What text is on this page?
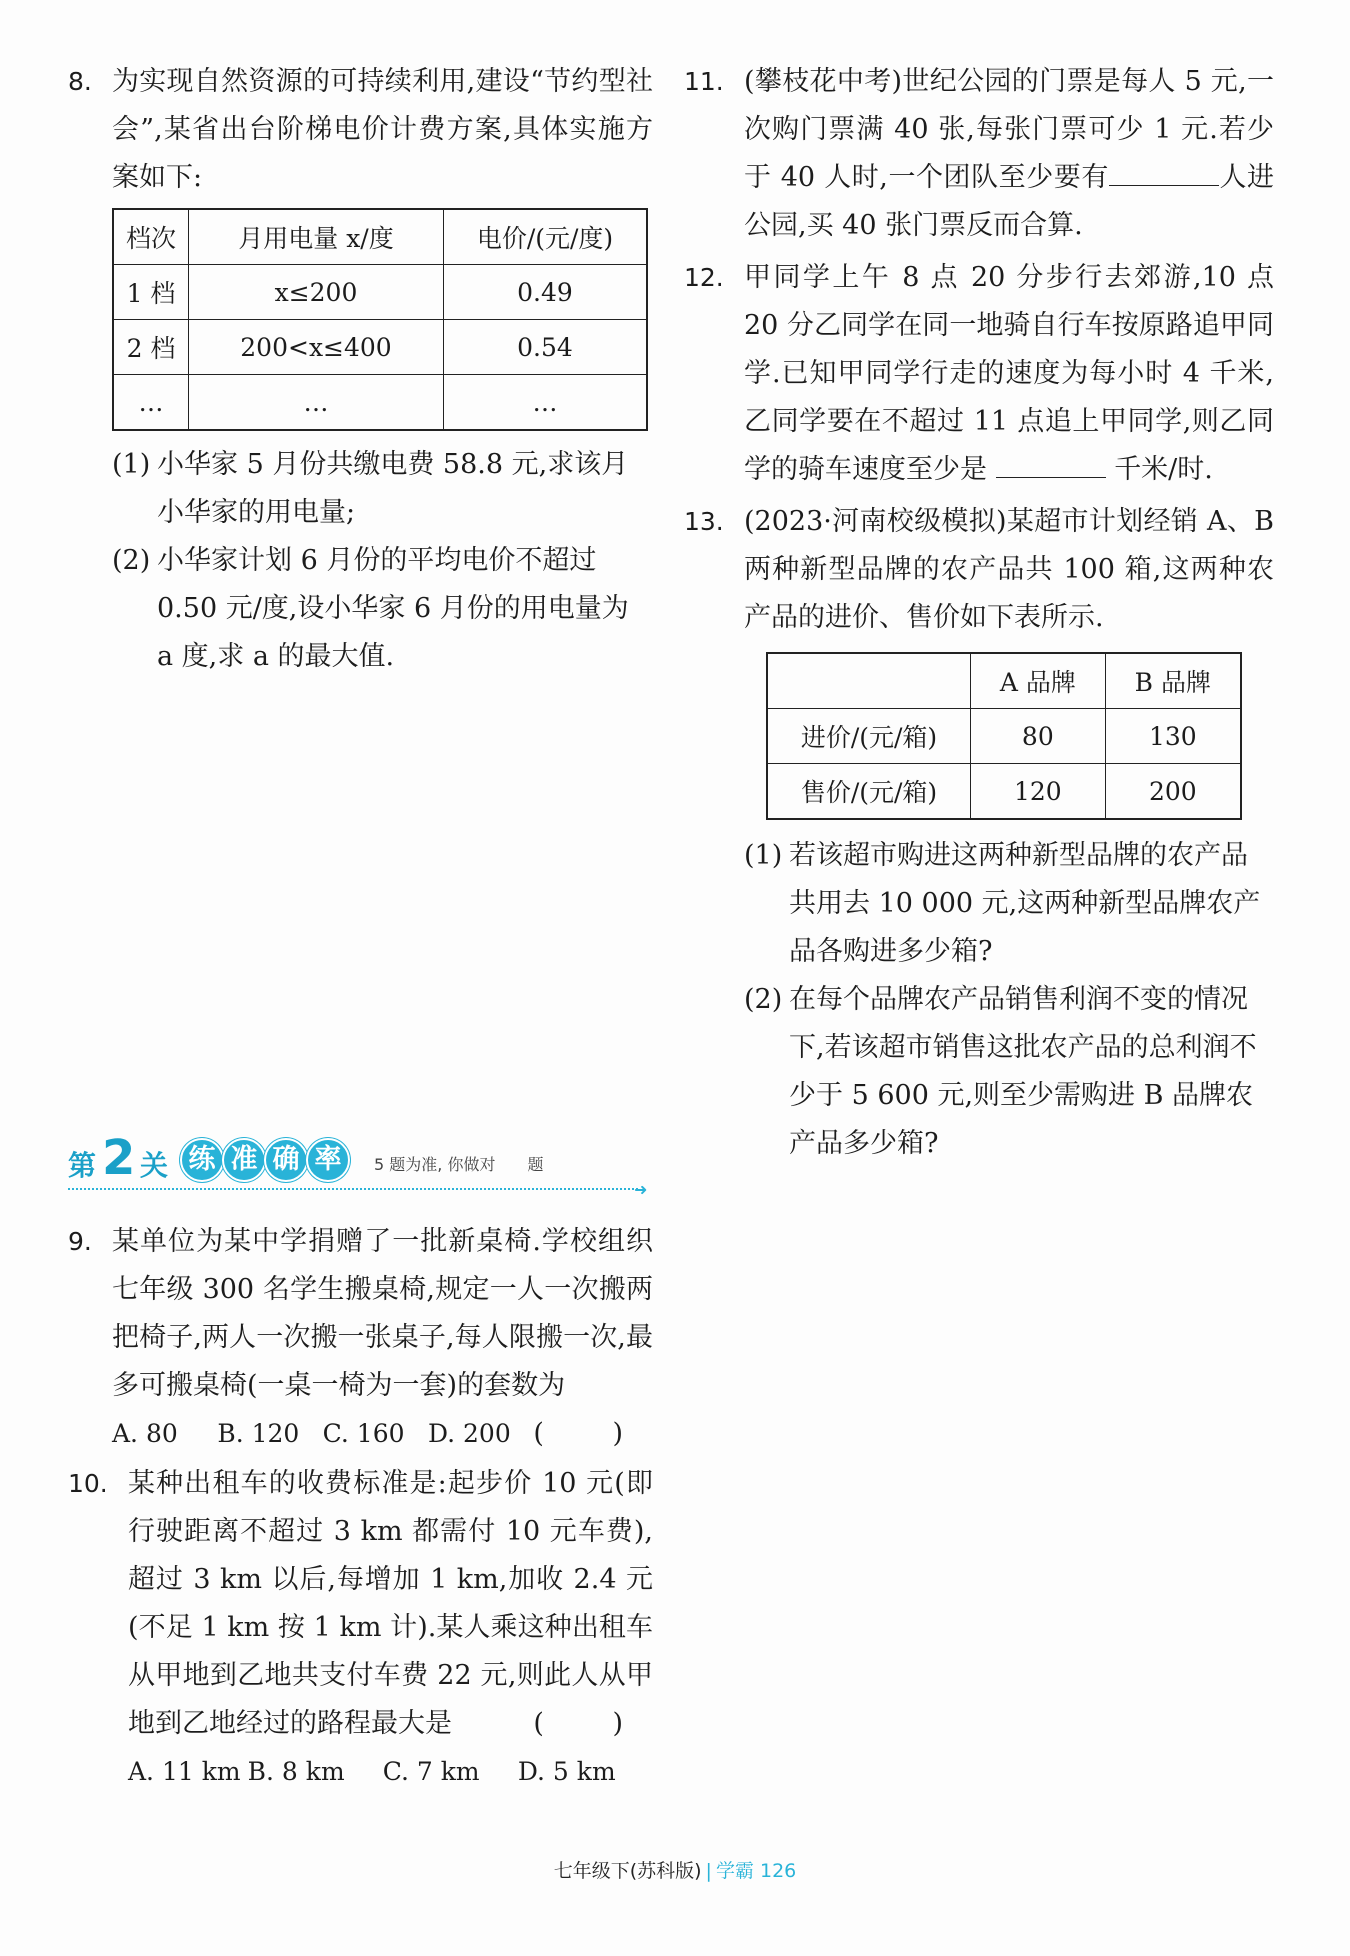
8. 为实现自然资源的可持续利用,建设“节约型社会”,某省出台阶梯电价计费方案,具体实施方案如下:
档次	月用电量 x/度	电价/(元/度)
1 档	x≤200	0.49
2 档	200<x≤400	0.54
…	…	…
(1) 小华家 5 月份共缴电费 58.8 元,求该月小华家的用电量;
(2) 小华家计划 6 月份的平均电价不超过 0.50 元/度,设小华家 6 月份的用电量为 a 度,求 a 的最大值.
第 2 关 练 准 确 率	5 题为准, 你做对　　题
➜
9. 某单位为某中学捐赠了一批新桌椅.学校组织七年级 300 名学生搬桌椅,规定一人一次搬两把椅子,两人一次搬一张桌子,每人限搬一次,最多可搬桌椅(一桌一椅为一套)的套数为
( )
A. 80	B. 120 C. 160 D. 200
10. 某种出租车的收费标准是:起步价 10 元(即行驶距离不超过 3 km 都需付 10 元车费),超过 3 km 以后,每增加 1 km,加收 2.4 元(不足 1 km 按 1 km 计).某人乘这种出租车从甲地到乙地共支付车费 22 元,则此人从甲地到乙地经过的路程最大是	( )
A. 11 km B. 8 km	C. 7 km	D. 5 km
11. (攀枝花中考)世纪公园的门票是每人 5 元,一次购门票满 40 张,每张门票可少 1 元.若少于 40 人时,一个团队至少要有	人进公园,买 40 张门票反而合算.
12. 甲同学上午 8 点 20 分步行去郊游,10 点 20 分乙同学在同一地骑自行车按原路追甲同学.已知甲同学行走的速度为每小时 4 千米,乙同学要在不超过 11 点追上甲同学,则乙同学的骑车速度至少是	千米/时.
13. (2023·河南校级模拟)某超市计划经销 A、B 两种新型品牌的农产品共 100 箱,这两种农产品的进价、售价如下表所示.
	A 品牌	B 品牌
进价/(元/箱)	80	130
售价/(元/箱)	120	200
(1) 若该超市购进这两种新型品牌的农产品共用去 10 000 元,这两种新型品牌农产品各购进多少箱?
(2) 在每个品牌农产品销售利润不变的情况下,若该超市销售这批农产品的总利润不少于 5 600 元,则至少需购进 B 品牌农产品多少箱?
七年级下(苏科版) | 学霸 126
